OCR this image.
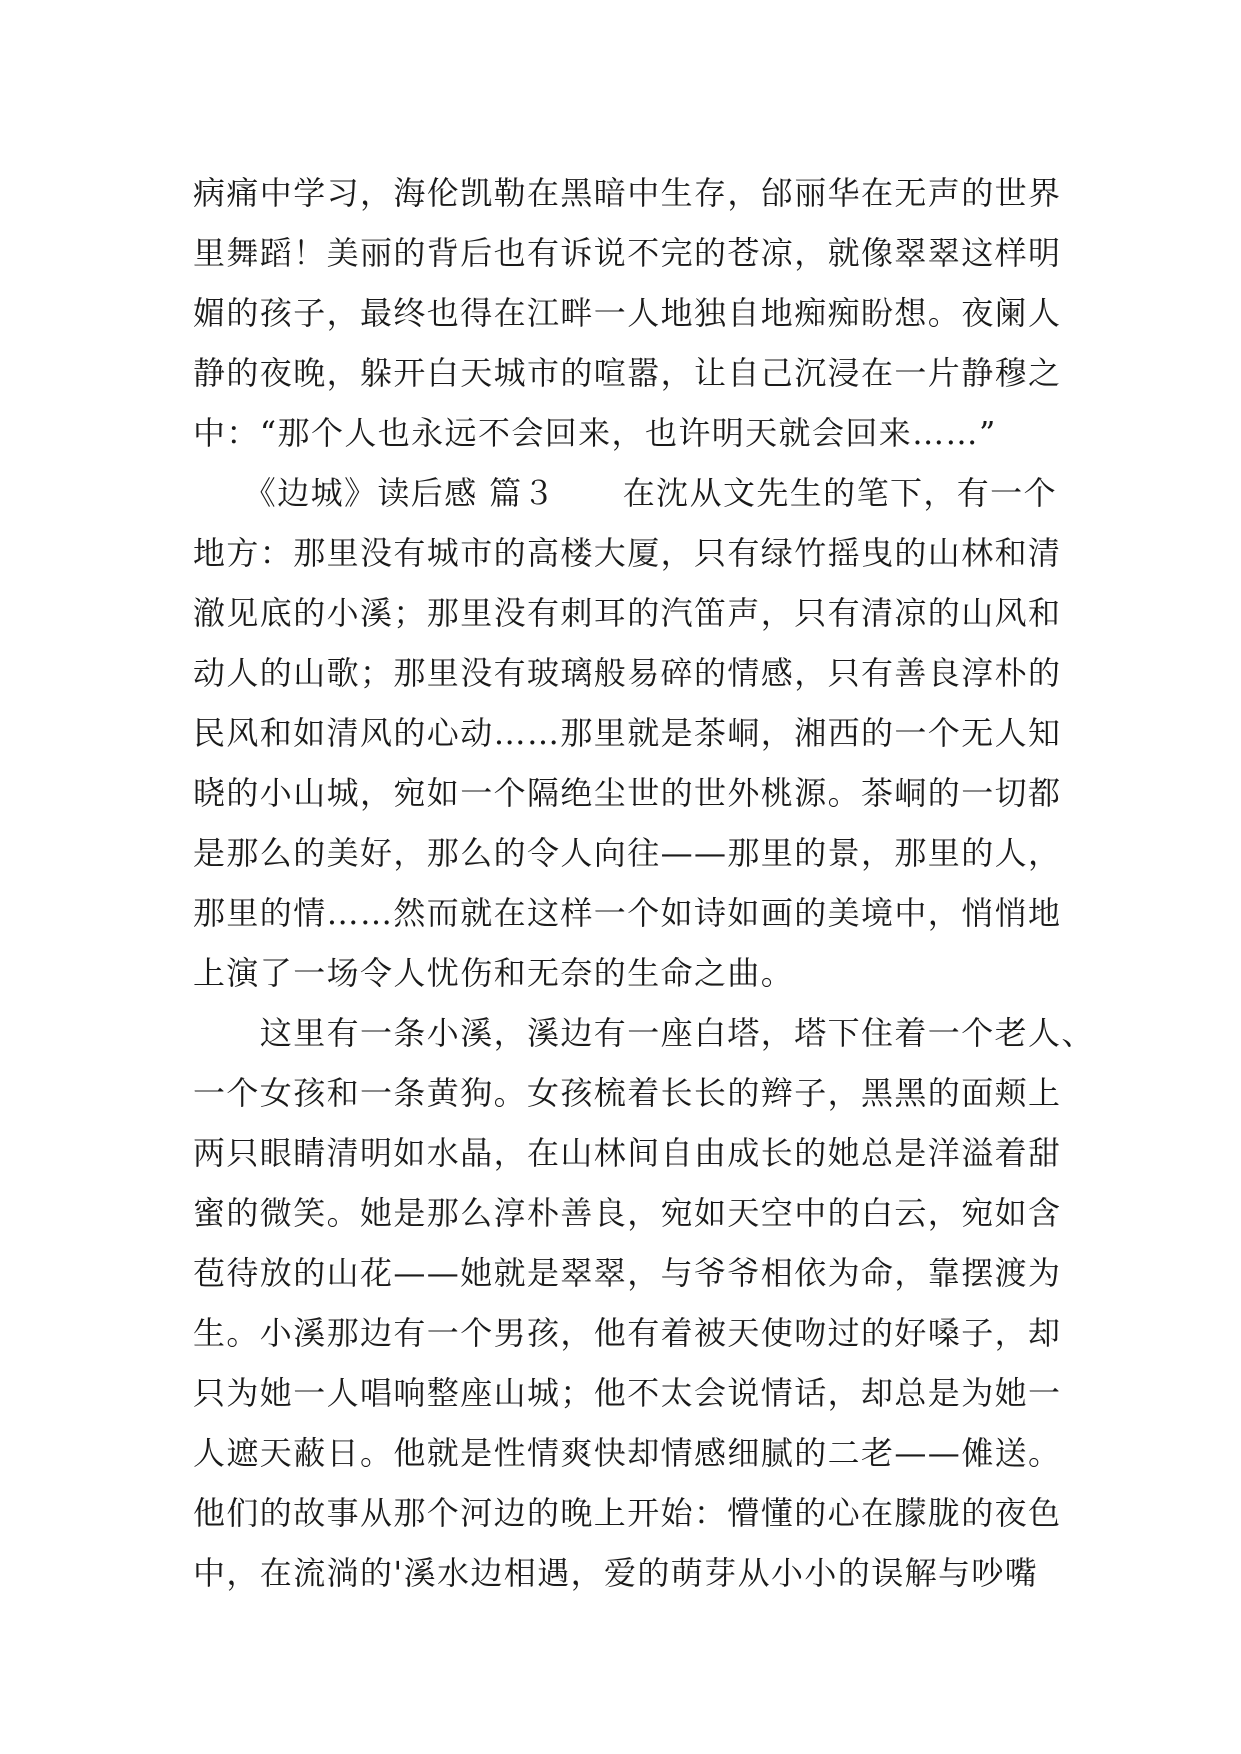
病痛中学习，海伦凯勒在黑暗中生存，邰丽华在无声的世界
里舞蹈！美丽的背后也有诉说不完的苍凉，就像翠翠这样明
媚的孩子，最终也得在江畔一人地独自地痴痴盼想。夜阑人
静的夜晚，躲开白天城市的喧嚣，让自己沉浸在一片静穆之
中：“那个人也永远不会回来，也许明天就会回来……”
　　《边城》读后感 篇３　　在沈从文先生的笔下，有一个
地方：那里没有城市的高楼大厦，只有绿竹摇曳的山林和清
澈见底的小溪；那里没有刺耳的汽笛声，只有清凉的山风和
动人的山歌；那里没有玻璃般易碎的情感，只有善良淳朴的
民风和如清风的心动……那里就是茶峒，湘西的一个无人知
晓的小山城，宛如一个隔绝尘世的世外桃源。茶峒的一切都
是那么的美好，那么的令人向往——那里的景，那里的人，
那里的情……然而就在这样一个如诗如画的美境中，悄悄地
上演了一场令人忧伤和无奈的生命之曲。
　　这里有一条小溪，溪边有一座白塔，塔下住着一个老人、
一个女孩和一条黄狗。女孩梳着长长的辫子，黑黑的面颊上
两只眼睛清明如水晶，在山林间自由成长的她总是洋溢着甜
蜜的微笑。她是那么淳朴善良，宛如天空中的白云，宛如含
苞待放的山花——她就是翠翠，与爷爷相依为命，靠摆渡为
生。小溪那边有一个男孩，他有着被天使吻过的好嗓子，却
只为她一人唱响整座山城；他不太会说情话，却总是为她一
人遮天蔽日。他就是性情爽快却情感细腻的二老——傩送。
他们的故事从那个河边的晚上开始：懵懂的心在朦胧的夜色
中，在流淌的'溪水边相遇，爱的萌芽从小小的误解与吵嘴
